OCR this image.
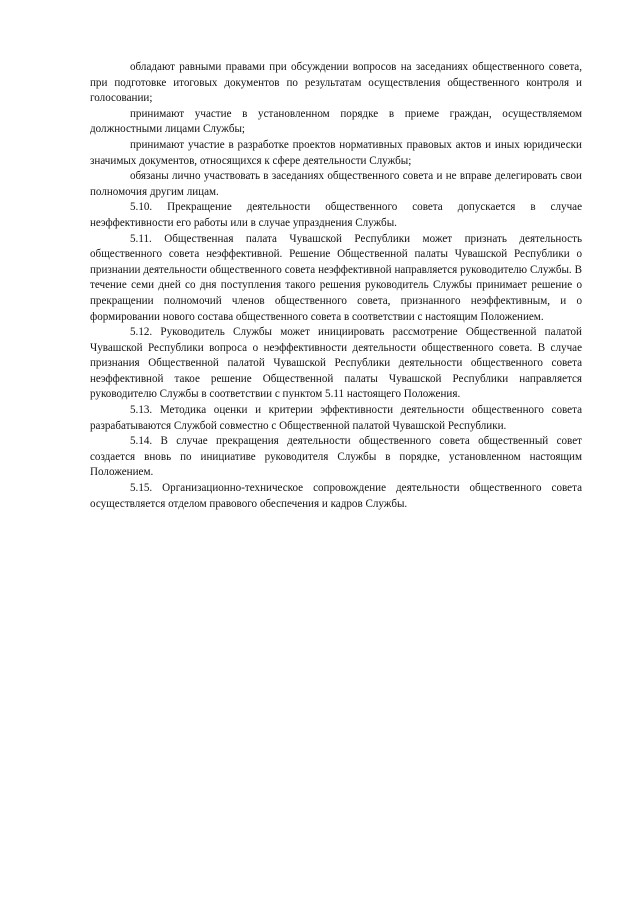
обладают равными правами при обсуждении вопросов на заседаниях общественного совета, при подготовке итоговых документов по результатам осуществления общественного контроля и голосовании;

принимают участие в установленном порядке в приеме граждан, осуществляемом должностными лицами Службы;

принимают участие в разработке проектов нормативных правовых актов и иных юридически значимых документов, относящихся к сфере деятельности Службы;

обязаны лично участвовать в заседаниях общественного совета и не вправе делегировать свои полномочия другим лицам.

5.10. Прекращение деятельности общественного совета допускается в случае неэффективности его работы или в случае упразднения Службы.

5.11. Общественная палата Чувашской Республики может признать деятельность общественного совета неэффективной. Решение Общественной палаты Чувашской Республики о признании деятельности общественного совета неэффективной направляется руководителю Службы. В течение семи дней со дня поступления такого решения руководитель Службы принимает решение о прекращении полномочий членов общественного совета, признанного неэффективным, и о формировании нового состава общественного совета в соответствии с настоящим Положением.

5.12. Руководитель Службы может инициировать рассмотрение Общественной палатой Чувашской Республики вопроса о неэффективности деятельности общественного совета. В случае признания Общественной палатой Чувашской Республики деятельности общественного совета неэффективной такое решение Общественной палаты Чувашской Республики направляется руководителю Службы в соответствии с пунктом 5.11 настоящего Положения.

5.13. Методика оценки и критерии эффективности деятельности общественного совета разрабатываются Службой совместно с Общественной палатой Чувашской Республики.

5.14. В случае прекращения деятельности общественного совета общественный совет создается вновь по инициативе руководителя Службы в порядке, установленном настоящим Положением.

5.15. Организационно-техническое сопровождение деятельности общественного совета осуществляется отделом правового обеспечения и кадров Службы.
